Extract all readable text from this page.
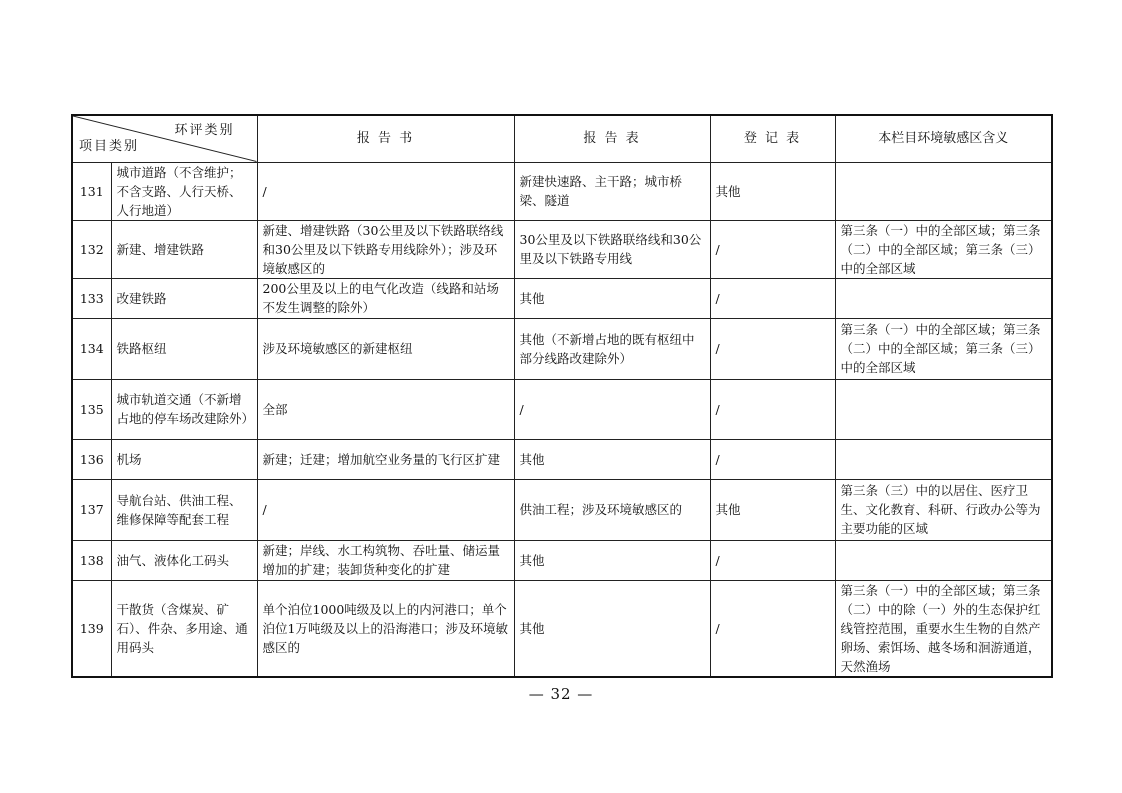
环评类别
项目类别		报 告 书	报 告 表	登 记 表	本栏目环境敏感区含义
131	城市道路（不含维护；不含支路、人行天桥、人行地道）	/	新建快速路、主干路；城市桥梁、隧道	其他	
132	新建、增建铁路	新建、增建铁路（30公里及以下铁路联络线和30公里及以下铁路专用线除外）；涉及环境敏感区的	30公里及以下铁路联络线和30公里及以下铁路专用线	/	第三条（一）中的全部区域；第三条（二）中的全部区域；第三条（三）中的全部区域
133	改建铁路	200公里及以上的电气化改造（线路和站场不发生调整的除外）	其他	/	
134	铁路枢纽	涉及环境敏感区的新建枢纽	其他（不新增占地的既有枢纽中部分线路改建除外）	/	第三条（一）中的全部区域；第三条（二）中的全部区域；第三条（三）中的全部区域
135	城市轨道交通（不新增占地的停车场改建除外）	全部	/	/	
136	机场	新建；迁建；增加航空业务量的飞行区扩建	其他	/	
137	导航台站、供油工程、维修保障等配套工程	/	供油工程；涉及环境敏感区的	其他	第三条（三）中的以居住、医疗卫生、文化教育、科研、行政办公等为主要功能的区域
138	油气、液体化工码头	新建；岸线、水工构筑物、吞吐量、储运量增加的扩建；装卸货种变化的扩建	其他	/	
139	干散货（含煤炭、矿石）、件杂、多用途、通用码头	单个泊位1000吨级及以上的内河港口；单个泊位1万吨级及以上的沿海港口；涉及环境敏感区的	其他	/	第三条（一）中的全部区域；第三条（二）中的除（一）外的生态保护红线管控范围，重要水生生物的自然产卵场、索饵场、越冬场和洄游通道，天然渔场
— 32 —
